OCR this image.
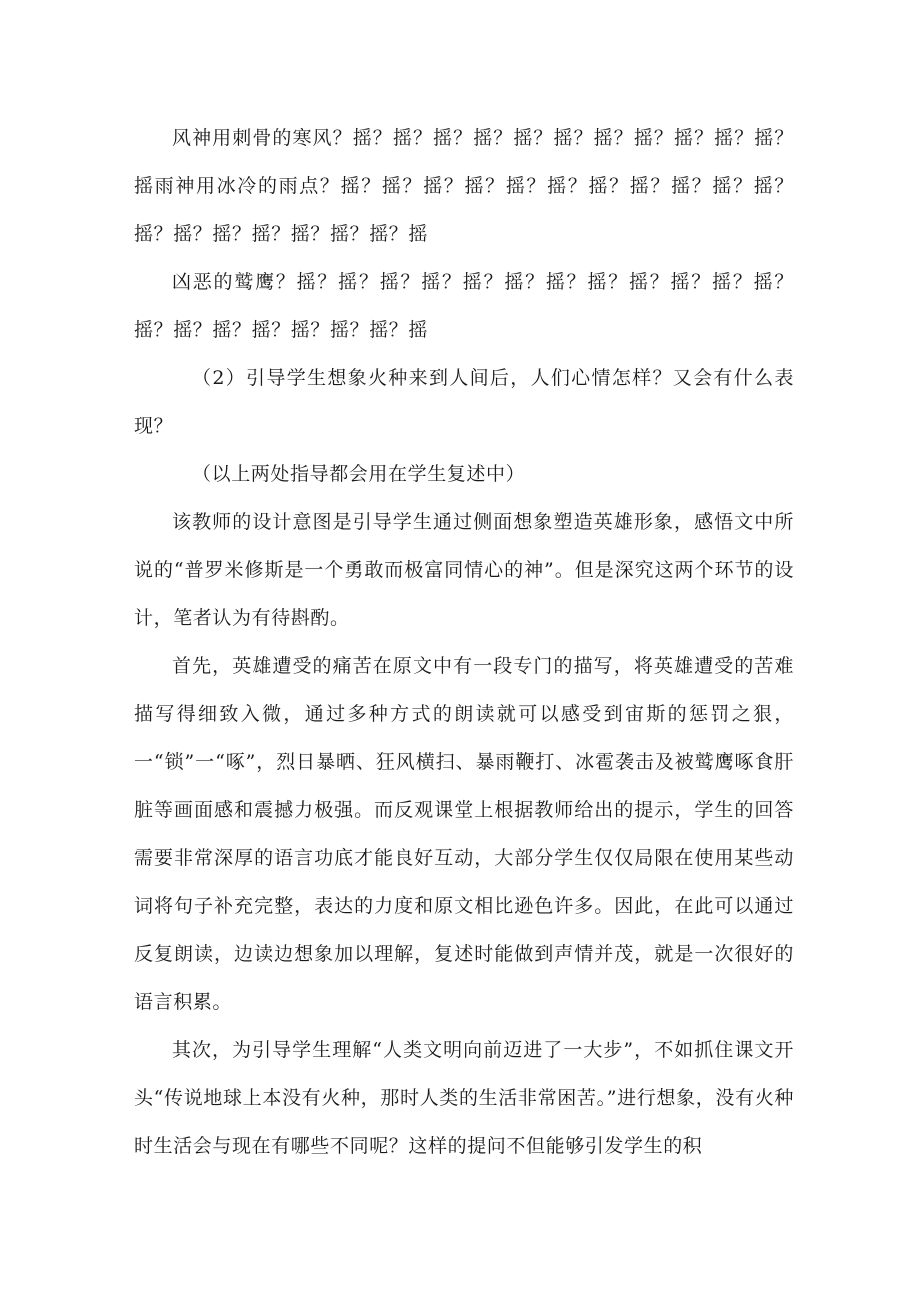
风神用刺骨的寒风？摇？摇？摇？摇？摇？摇？摇？摇？摇？摇？摇？摇雨神用冰冷的雨点？摇？摇？摇？摇？摇？摇？摇？摇？摇？摇？摇？摇？摇？摇？摇？摇？摇？摇？摇

凶恶的鹫鹰？摇？摇？摇？摇？摇？摇？摇？摇？摇？摇？摇？摇？摇？摇？摇？摇？摇？摇？摇？摇

（2）引导学生想象火种来到人间后，人们心情怎样？又会有什么表现？

（以上两处指导都会用在学生复述中）

该教师的设计意图是引导学生通过侧面想象塑造英雄形象，感悟文中所说的“普罗米修斯是一个勇敢而极富同情心的神”。但是深究这两个环节的设计，笔者认为有待斟酌。

首先，英雄遭受的痛苦在原文中有一段专门的描写，将英雄遭受的苦难描写得细致入微，通过多种方式的朗读就可以感受到宙斯的惩罚之狠，一“锁”一“啄”，烈日暴晒、狂风横扫、暴雨鞭打、冰雹袭击及被鹫鹰啄食肝脏等画面感和震撼力极强。而反观课堂上根据教师给出的提示，学生的回答需要非常深厚的语言功底才能良好互动，大部分学生仅仅局限在使用某些动词将句子补充完整，表达的力度和原文相比逊色许多。因此，在此可以通过反复朗读，边读边想象加以理解，复述时能做到声情并茂，就是一次很好的语言积累。

其次，为引导学生理解“人类文明向前迈进了一大步”，不如抓住课文开头“传说地球上本没有火种，那时人类的生活非常困苦。”进行想象，没有火种时生活会与现在有哪些不同呢？这样的提问不但能够引发学生的积
